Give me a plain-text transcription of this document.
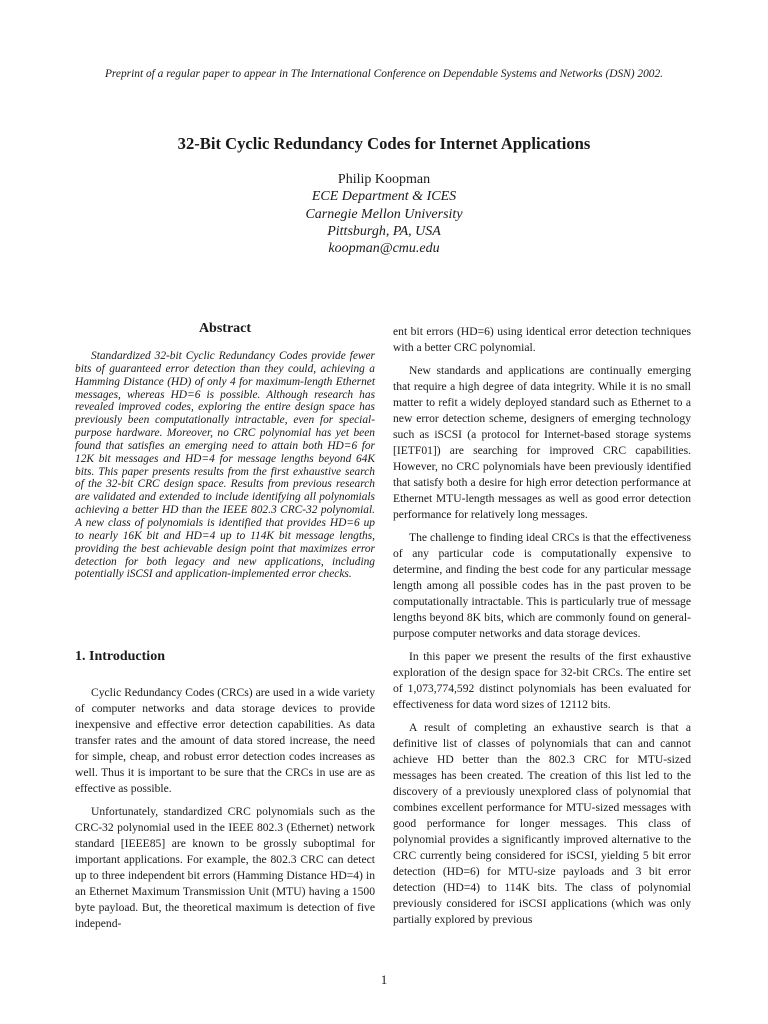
Preprint of a regular paper to appear in The International Conference on Dependable Systems and Networks (DSN) 2002.
32-Bit Cyclic Redundancy Codes for Internet Applications
Philip Koopman
ECE Department & ICES
Carnegie Mellon University
Pittsburgh, PA, USA
koopman@cmu.edu
Abstract

Standardized 32-bit Cyclic Redundancy Codes provide fewer bits of guaranteed error detection than they could, achieving a Hamming Distance (HD) of only 4 for maximum-length Ethernet messages, whereas HD=6 is possible. Although research has revealed improved codes, exploring the entire design space has previously been computationally intractable, even for special-purpose hardware. Moreover, no CRC polynomial has yet been found that satisfies an emerging need to attain both HD=6 for 12K bit messages and HD=4 for message lengths beyond 64K bits. This paper presents results from the first exhaustive search of the 32-bit CRC design space. Results from previous research are validated and extended to include identifying all polynomials achieving a better HD than the IEEE 802.3 CRC-32 polynomial. A new class of polynomials is identified that provides HD=6 up to nearly 16K bit and HD=4 up to 114K bit message lengths, providing the best achievable design point that maximizes error detection for both legacy and new applications, including potentially iSCSI and application-implemented error checks.

1. Introduction

Cyclic Redundancy Codes (CRCs) are used in a wide variety of computer networks and data storage devices to provide inexpensive and effective error detection capabilities. As data transfer rates and the amount of data stored increase, the need for simple, cheap, and robust error detection codes increases as well. Thus it is important to be sure that the CRCs in use are as effective as possible.

Unfortunately, standardized CRC polynomials such as the CRC-32 polynomial used in the IEEE 802.3 (Ethernet) network standard [IEEE85] are known to be grossly suboptimal for important applications. For example, the 802.3 CRC can detect up to three independent bit errors (Hamming Distance HD=4) in an Ethernet Maximum Transmission Unit (MTU) having a 1500 byte payload. But, the theoretical maximum is detection of five independ-

ent bit errors (HD=6) using identical error detection techniques with a better CRC polynomial.

New standards and applications are continually emerging that require a high degree of data integrity. While it is no small matter to refit a widely deployed standard such as Ethernet to a new error detection scheme, designers of emerging technology such as iSCSI (a protocol for Internet-based storage systems [IETF01]) are searching for improved CRC capabilities. However, no CRC polynomials have been previously identified that satisfy both a desire for high error detection performance at Ethernet MTU-length messages as well as good error detection performance for relatively long messages.

The challenge to finding ideal CRCs is that the effectiveness of any particular code is computationally expensive to determine, and finding the best code for any particular message length among all possible codes has in the past proven to be computationally intractable. This is particularly true of message lengths beyond 8K bits, which are commonly found on general-purpose computer networks and data storage devices.

In this paper we present the results of the first exhaustive exploration of the design space for 32-bit CRCs. The entire set of 1,073,774,592 distinct polynomials has been evaluated for effectiveness for data word sizes of 12112 bits.

A result of completing an exhaustive search is that a definitive list of classes of polynomials that can and cannot achieve HD better than the 802.3 CRC for MTU-sized messages has been created. The creation of this list led to the discovery of a previously unexplored class of polynomial that combines excellent performance for MTU-sized messages with good performance for longer messages. This class of polynomial provides a significantly improved alternative to the CRC currently being considered for iSCSI, yielding 5 bit error detection (HD=6) for MTU-size payloads and 3 bit error detection (HD=4) to 114K bits. The class of polynomial previously considered for iSCSI applications (which was only partially explored by previous

1
